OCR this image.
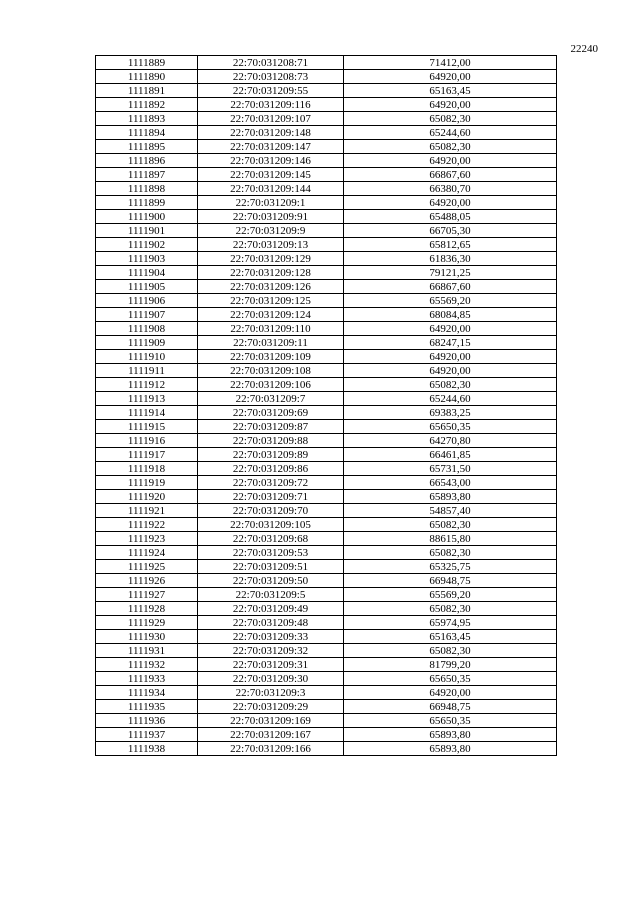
22240
1111889	22:70:031208:71	71412,00
1111890	22:70:031208:73	64920,00
1111891	22:70:031209:55	65163,45
1111892	22:70:031209:116	64920,00
1111893	22:70:031209:107	65082,30
1111894	22:70:031209:148	65244,60
1111895	22:70:031209:147	65082,30
1111896	22:70:031209:146	64920,00
1111897	22:70:031209:145	66867,60
1111898	22:70:031209:144	66380,70
1111899	22:70:031209:1	64920,00
1111900	22:70:031209:91	65488,05
1111901	22:70:031209:9	66705,30
1111902	22:70:031209:13	65812,65
1111903	22:70:031209:129	61836,30
1111904	22:70:031209:128	79121,25
1111905	22:70:031209:126	66867,60
1111906	22:70:031209:125	65569,20
1111907	22:70:031209:124	68084,85
1111908	22:70:031209:110	64920,00
1111909	22:70:031209:11	68247,15
1111910	22:70:031209:109	64920,00
1111911	22:70:031209:108	64920,00
1111912	22:70:031209:106	65082,30
1111913	22:70:031209:7	65244,60
1111914	22:70:031209:69	69383,25
1111915	22:70:031209:87	65650,35
1111916	22:70:031209:88	64270,80
1111917	22:70:031209:89	66461,85
1111918	22:70:031209:86	65731,50
1111919	22:70:031209:72	66543,00
1111920	22:70:031209:71	65893,80
1111921	22:70:031209:70	54857,40
1111922	22:70:031209:105	65082,30
1111923	22:70:031209:68	88615,80
1111924	22:70:031209:53	65082,30
1111925	22:70:031209:51	65325,75
1111926	22:70:031209:50	66948,75
1111927	22:70:031209:5	65569,20
1111928	22:70:031209:49	65082,30
1111929	22:70:031209:48	65974,95
1111930	22:70:031209:33	65163,45
1111931	22:70:031209:32	65082,30
1111932	22:70:031209:31	81799,20
1111933	22:70:031209:30	65650,35
1111934	22:70:031209:3	64920,00
1111935	22:70:031209:29	66948,75
1111936	22:70:031209:169	65650,35
1111937	22:70:031209:167	65893,80
1111938	22:70:031209:166	65893,80
